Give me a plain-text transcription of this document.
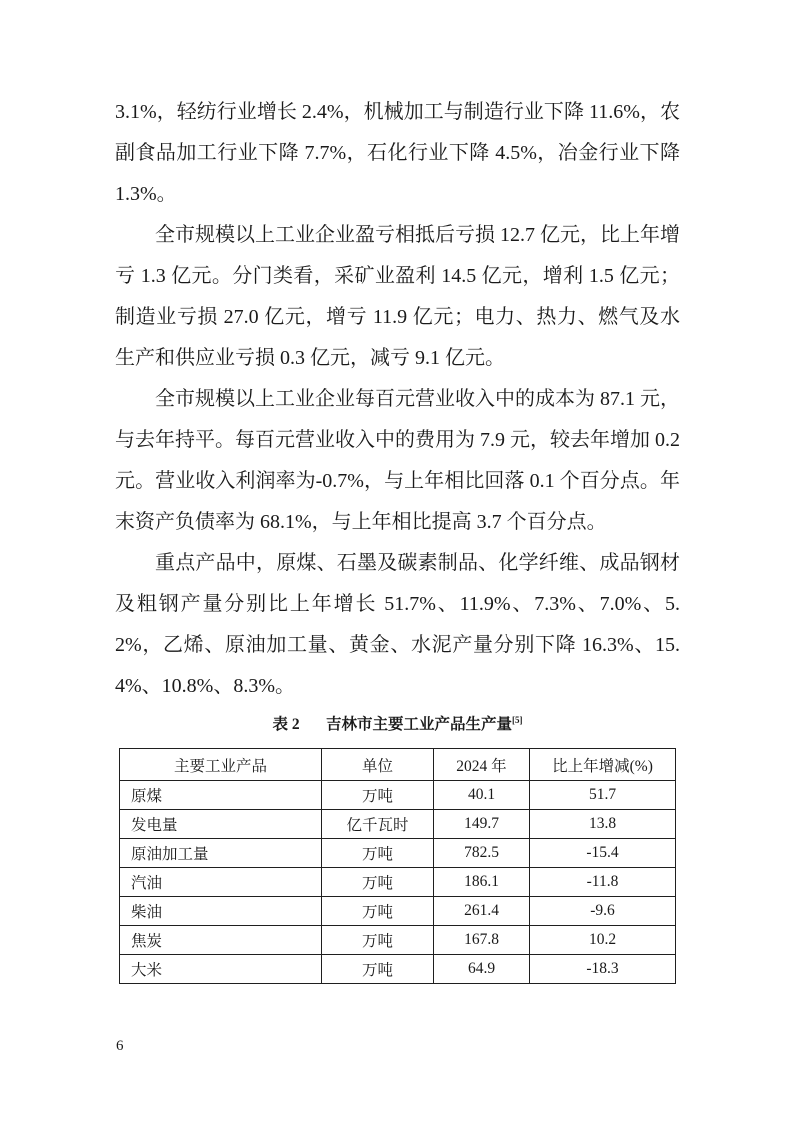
3.1%，轻纺行业增长 2.4%，机械加工与制造行业下降 11.6%，农副食品加工行业下降 7.7%，石化行业下降 4.5%，冶金行业下降 1.3%。

全市规模以上工业企业盈亏相抵后亏损 12.7 亿元，比上年增亏 1.3 亿元。分门类看，采矿业盈利 14.5 亿元，增利 1.5 亿元；制造业亏损 27.0 亿元，增亏 11.9 亿元；电力、热力、燃气及水生产和供应业亏损 0.3 亿元，减亏 9.1 亿元。

全市规模以上工业企业每百元营业收入中的成本为 87.1 元，与去年持平。每百元营业收入中的费用为 7.9 元，较去年增加 0.2 元。营业收入利润率为-0.7%，与上年相比回落 0.1 个百分点。年末资产负债率为 68.1%，与上年相比提高 3.7 个百分点。

重点产品中，原煤、石墨及碳素制品、化学纤维、成品钢材及粗钢产量分别比上年增长 51.7%、11.9%、7.3%、7.0%、5.2%，乙烯、原油加工量、黄金、水泥产量分别下降 16.3%、15.4%、10.8%、8.3%。

表 2 吉林市主要工业产品生产量[5]
主要工业产品	单位	2024 年	比上年增减(%)
原煤	万吨	40.1	51.7
发电量	亿千瓦时	149.7	13.8
原油加工量	万吨	782.5	-15.4
汽油	万吨	186.1	-11.8
柴油	万吨	261.4	-9.6
焦炭	万吨	167.8	10.2
大米	万吨	64.9	-18.3
6
